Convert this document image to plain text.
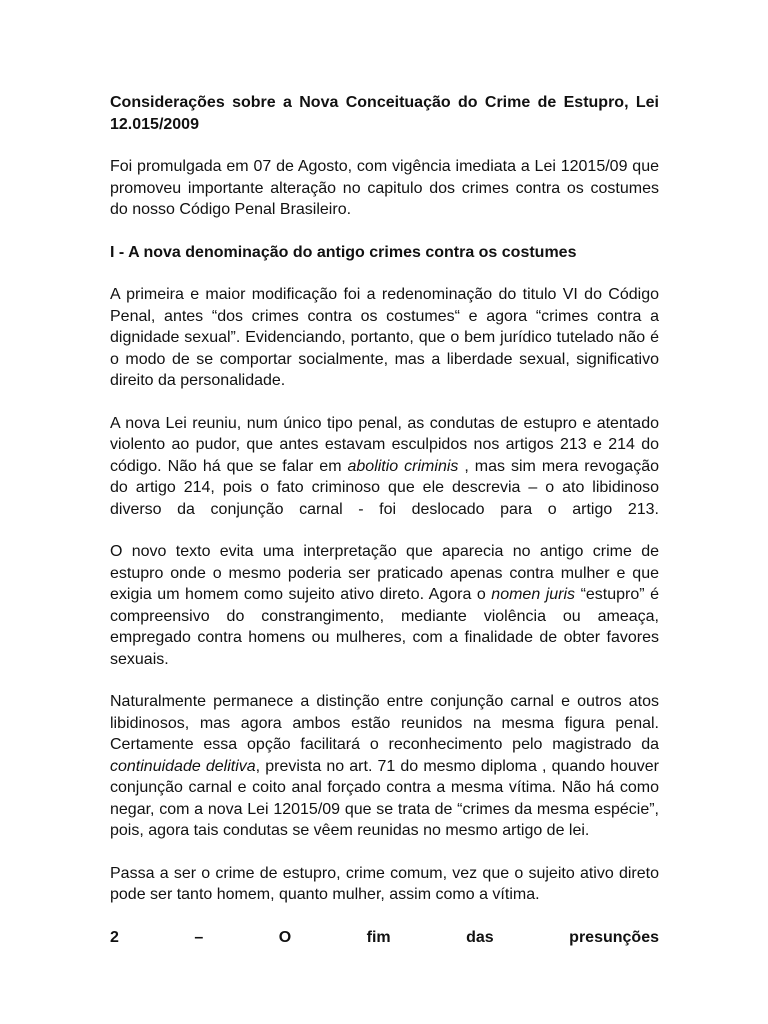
Considerações sobre a Nova Conceituação do Crime de Estupro, Lei 12.015/2009
Foi promulgada em 07 de Agosto, com vigência imediata a Lei 12015/09 que promoveu importante alteração no capitulo dos crimes contra os costumes do nosso Código Penal Brasileiro.
I - A nova denominação do antigo crimes contra os costumes
A primeira e maior modificação foi a redenominação do titulo VI do Código Penal, antes “dos crimes contra os costumes“ e agora “crimes contra a dignidade sexual”. Evidenciando, portanto, que o bem jurídico tutelado não é o modo de se comportar socialmente, mas a liberdade sexual, significativo direito da personalidade.
A nova Lei reuniu, num único tipo penal, as condutas de estupro e atentado violento ao pudor, que antes estavam esculpidos nos artigos 213 e 214 do código. Não há que se falar em abolitio criminis , mas sim mera revogação do artigo 214, pois o fato criminoso que ele descrevia – o ato libidinoso diverso da conjunção carnal - foi deslocado para o artigo 213.
O novo texto evita uma interpretação que aparecia no antigo crime de estupro onde o mesmo poderia ser praticado apenas contra mulher e que exigia um homem como sujeito ativo direto. Agora o nomen juris “estupro” é compreensivo do constrangimento, mediante violência ou ameaça, empregado contra homens ou mulheres, com a finalidade de obter favores sexuais.
Naturalmente permanece a distinção entre conjunção carnal e outros atos libidinosos, mas agora ambos estão reunidos na mesma figura penal. Certamente essa opção facilitará o reconhecimento pelo magistrado da continuidade delitiva, prevista no art. 71 do mesmo diploma , quando houver conjunção carnal e coito anal forçado contra a mesma vítima. Não há como negar, com a nova Lei 12015/09 que se trata de “crimes da mesma espécie”, pois, agora tais condutas se vêem reunidas no mesmo artigo de lei.
Passa a ser o crime de estupro, crime comum, vez que o sujeito ativo direto pode ser tanto homem, quanto mulher, assim como a vítima.
2 – O fim das presunções
